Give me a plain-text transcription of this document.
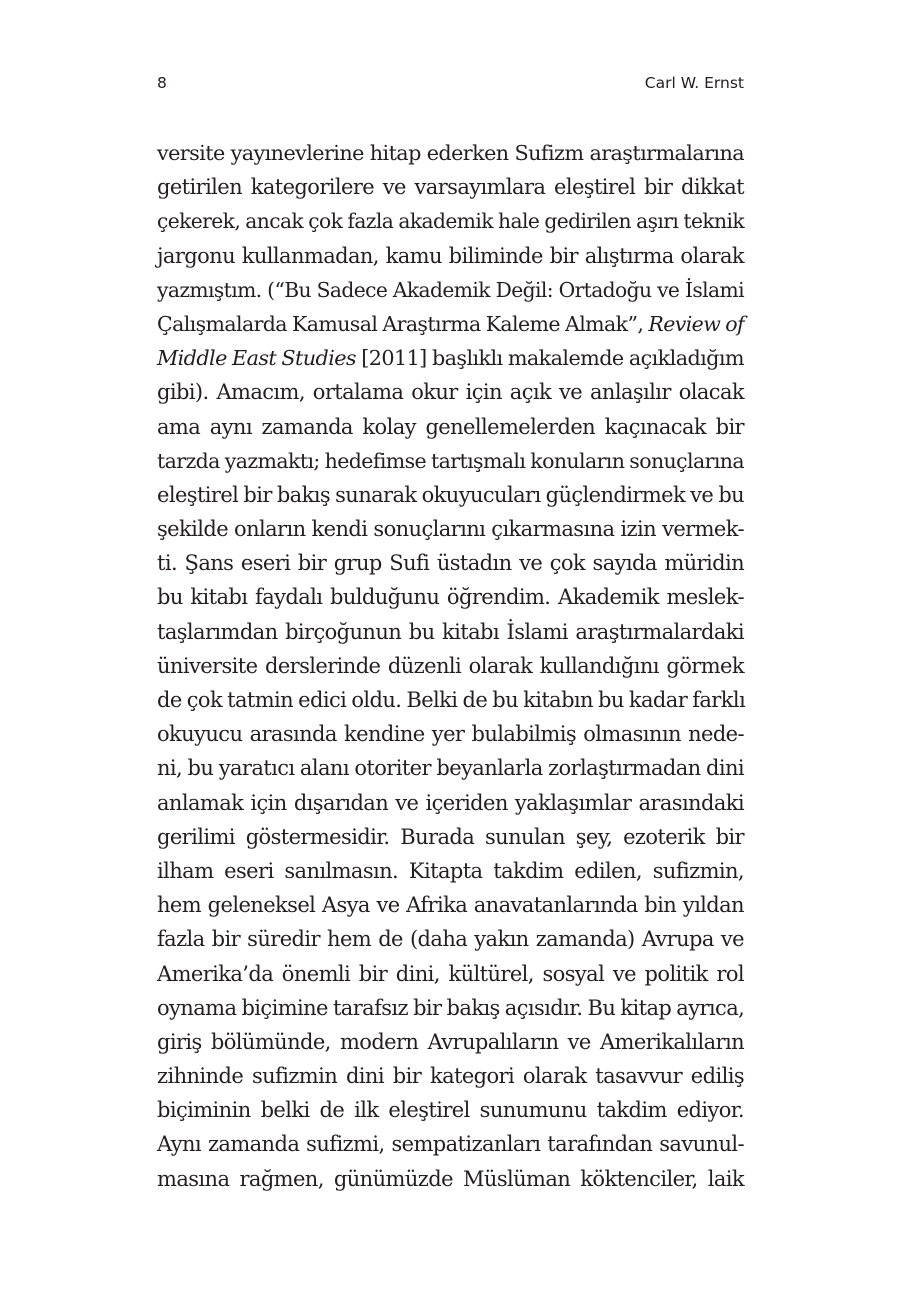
8	Carl W. Ernst
versite yayınevlerine hitap ederken Sufizm araştırmalarına
getirilen kategorilere ve varsayımlara eleştirel bir dikkat
çekerek, ancak çok fazla akademik hale gedirilen aşırı teknik
jargonu kullanmadan, kamu biliminde bir alıştırma olarak
yazmıştım. (“Bu Sadece Akademik Değil: Ortadoğu ve İslami
Çalışmalarda Kamusal Araştırma Kaleme Almak”, Review of
Middle East Studies [2011] başlıklı makalemde açıkladığım
gibi). Amacım, ortalama okur için açık ve anlaşılır olacak
ama aynı zamanda kolay genellemelerden kaçınacak bir
tarzda yazmaktı; hedefimse tartışmalı konuların sonuçlarına
eleştirel bir bakış sunarak okuyucuları güçlendirmek ve bu
şekilde onların kendi sonuçlarını çıkarmasına izin vermek-
ti. Şans eseri bir grup Sufi üstadın ve çok sayıda müridin
bu kitabı faydalı bulduğunu öğrendim. Akademik meslek-
taşlarımdan birçoğunun bu kitabı İslami araştırmalardaki
üniversite derslerinde düzenli olarak kullandığını görmek
de çok tatmin edici oldu. Belki de bu kitabın bu kadar farklı
okuyucu arasında kendine yer bulabilmiş olmasının nede-
ni, bu yaratıcı alanı otoriter beyanlarla zorlaştırmadan dini
anlamak için dışarıdan ve içeriden yaklaşımlar arasındaki
gerilimi göstermesidir. Burada sunulan şey, ezoterik bir
ilham eseri sanılmasın. Kitapta takdim edilen, sufizmin,
hem geleneksel Asya ve Afrika anavatanlarında bin yıldan
fazla bir süredir hem de (daha yakın zamanda) Avrupa ve
Amerika’da önemli bir dini, kültürel, sosyal ve politik rol
oynama biçimine tarafsız bir bakış açısıdır. Bu kitap ayrıca,
giriş bölümünde, modern Avrupalıların ve Amerikalıların
zihninde sufizmin dini bir kategori olarak tasavvur ediliş
biçiminin belki de ilk eleştirel sunumunu takdim ediyor.
Aynı zamanda sufizmi, sempatizanları tarafından savunul-
masına rağmen, günümüzde Müslüman köktenciler, laik
